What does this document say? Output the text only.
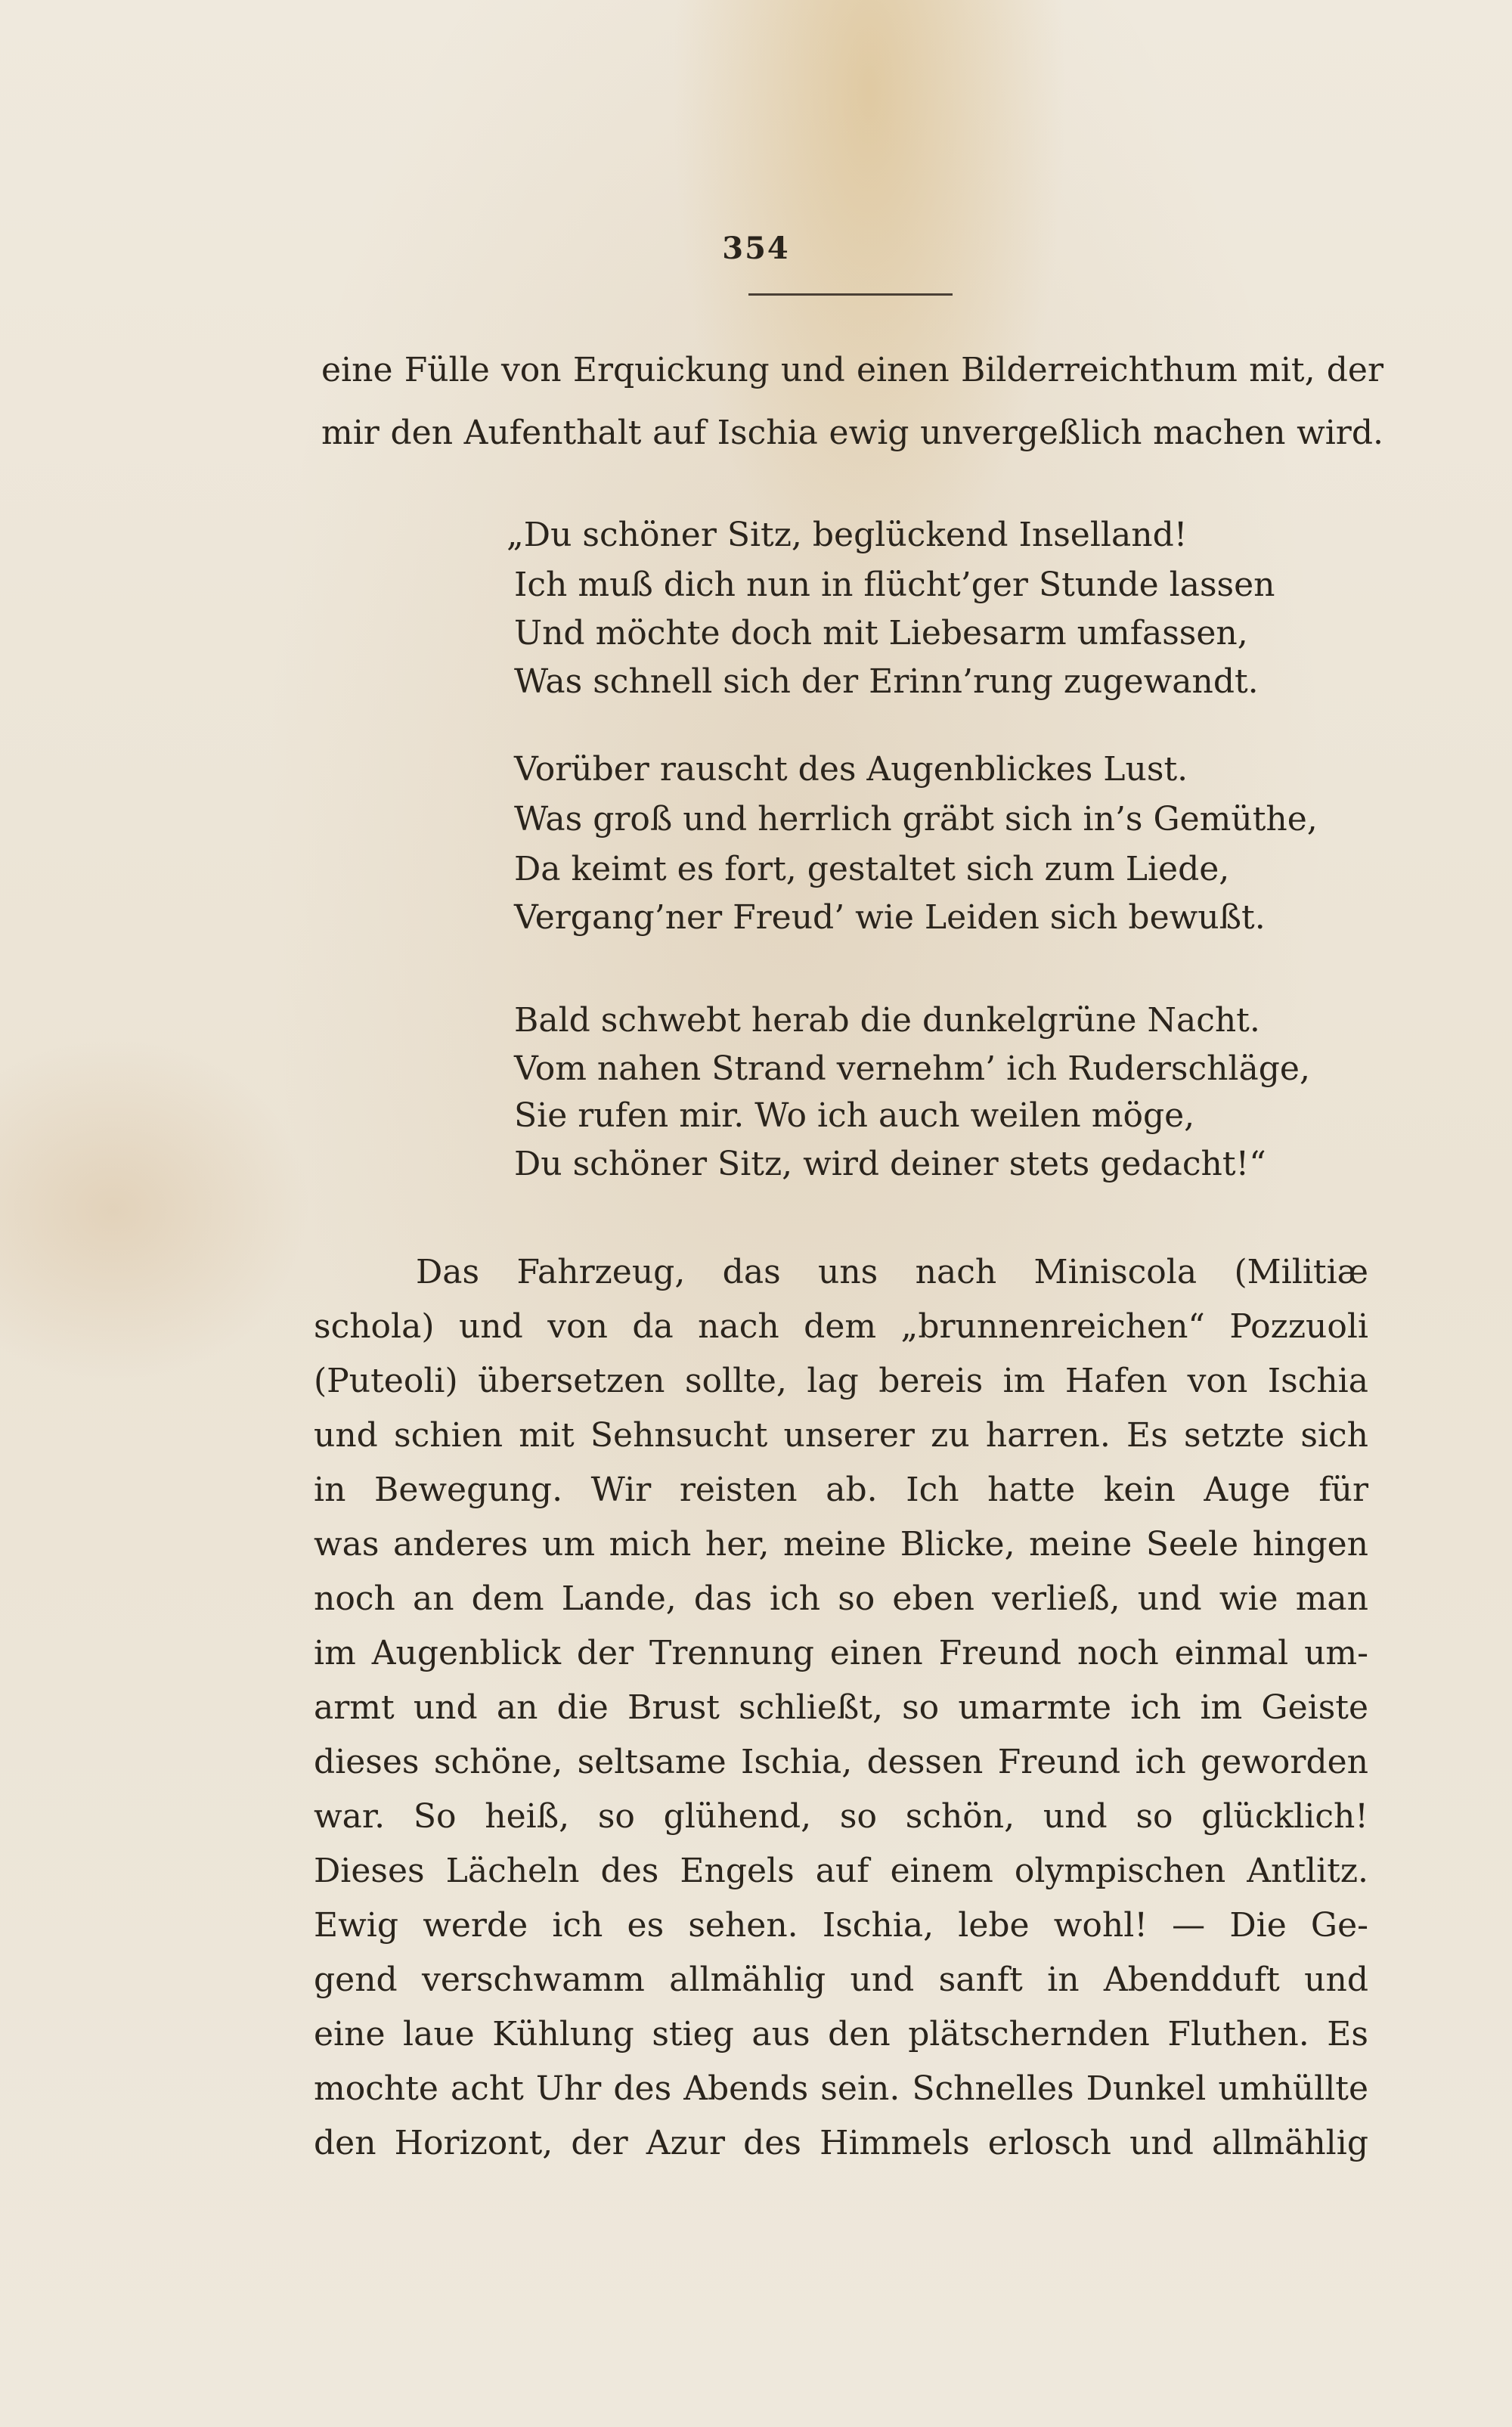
354
eine Fülle von Erquickung und einen Bilderreichthum mit, der
mir den Aufenthalt auf Ischia ewig unvergeßlich machen wird.
„Du schöner Sitz, beglückend Inselland!
Ich muß dich nun in flücht’ger Stunde lassen
Und möchte doch mit Liebesarm umfassen,
Was schnell sich der Erinn’rung zugewandt.
Vorüber rauscht des Augenblickes Lust.
Was groß und herrlich gräbt sich in’s Gemüthe,
Da keimt es fort, gestaltet sich zum Liede,
Vergang’ner Freud’ wie Leiden sich bewußt.
Bald schwebt herab die dunkelgrüne Nacht.
Vom nahen Strand vernehm’ ich Ruderschläge,
Sie rufen mir. Wo ich auch weilen möge,
Du schöner Sitz, wird deiner stets gedacht!“
Das Fahrzeug, das uns nach Miniscola (Militiæ
schola) und von da nach dem „brunnenreichen“ Pozzuoli
(Puteoli) übersetzen sollte, lag bereis im Hafen von Ischia
und schien mit Sehnsucht unserer zu harren. Es setzte sich
in Bewegung. Wir reisten ab. Ich hatte kein Auge für
was anderes um mich her, meine Blicke, meine Seele hingen
noch an dem Lande, das ich so eben verließ, und wie man
im Augenblick der Trennung einen Freund noch einmal um-
armt und an die Brust schließt, so umarmte ich im Geiste
dieses schöne, seltsame Ischia, dessen Freund ich geworden
war. So heiß, so glühend, so schön, und so glücklich!
Dieses Lächeln des Engels auf einem olympischen Antlitz.
Ewig werde ich es sehen. Ischia, lebe wohl! — Die Ge-
gend verschwamm allmählig und sanft in Abendduft und
eine laue Kühlung stieg aus den plätschernden Fluthen. Es
mochte acht Uhr des Abends sein. Schnelles Dunkel umhüllte
den Horizont, der Azur des Himmels erlosch und allmählig
